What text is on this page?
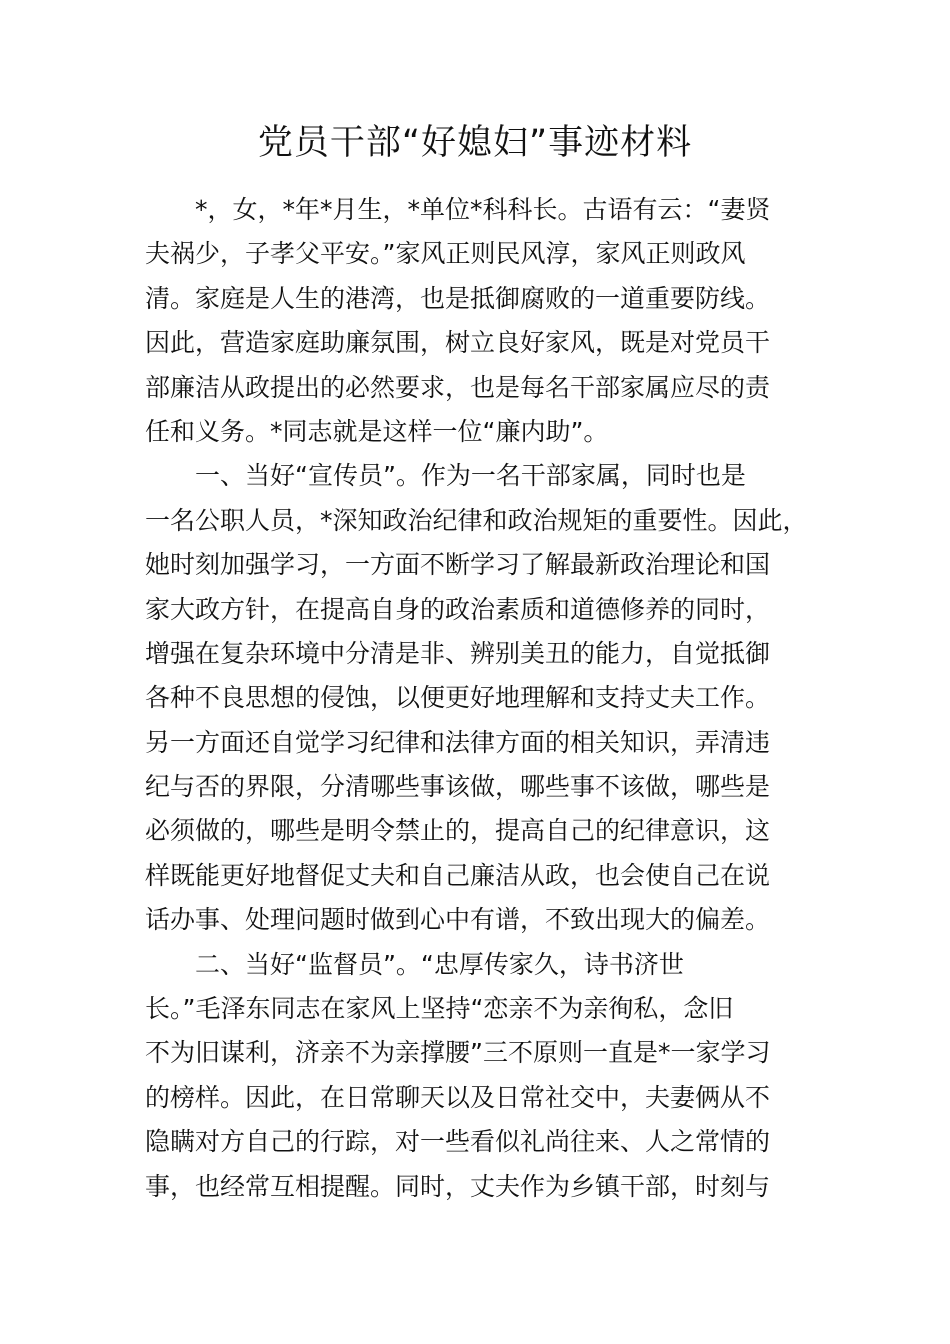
党员干部“好媳妇”事迹材料
*，女，*年*月生，*单位*科科长。古语有云：“妻贤
夫祸少，子孝父平安。”家风正则民风淳，家风正则政风
清。家庭是人生的港湾，也是抵御腐败的一道重要防线。
因此，营造家庭助廉氛围，树立良好家风，既是对党员干
部廉洁从政提出的必然要求，也是每名干部家属应尽的责
任和义务。*同志就是这样一位“廉内助”。
一、当好“宣传员”。作为一名干部家属，同时也是
一名公职人员，*深知政治纪律和政治规矩的重要性。因此，
她时刻加强学习，一方面不断学习了解最新政治理论和国
家大政方针，在提高自身的政治素质和道德修养的同时，
增强在复杂环境中分清是非、辨别美丑的能力，自觉抵御
各种不良思想的侵蚀，以便更好地理解和支持丈夫工作。
另一方面还自觉学习纪律和法律方面的相关知识，弄清违
纪与否的界限，分清哪些事该做，哪些事不该做，哪些是
必须做的，哪些是明令禁止的，提高自己的纪律意识，这
样既能更好地督促丈夫和自己廉洁从政，也会使自己在说
话办事、处理问题时做到心中有谱，不致出现大的偏差。
二、当好“监督员”。“忠厚传家久，诗书济世
长。”毛泽东同志在家风上坚持“恋亲不为亲徇私，念旧
不为旧谋利，济亲不为亲撑腰”三不原则一直是*一家学习
的榜样。因此，在日常聊天以及日常社交中，夫妻俩从不
隐瞒对方自己的行踪，对一些看似礼尚往来、人之常情的
事，也经常互相提醒。同时，丈夫作为乡镇干部，时刻与
